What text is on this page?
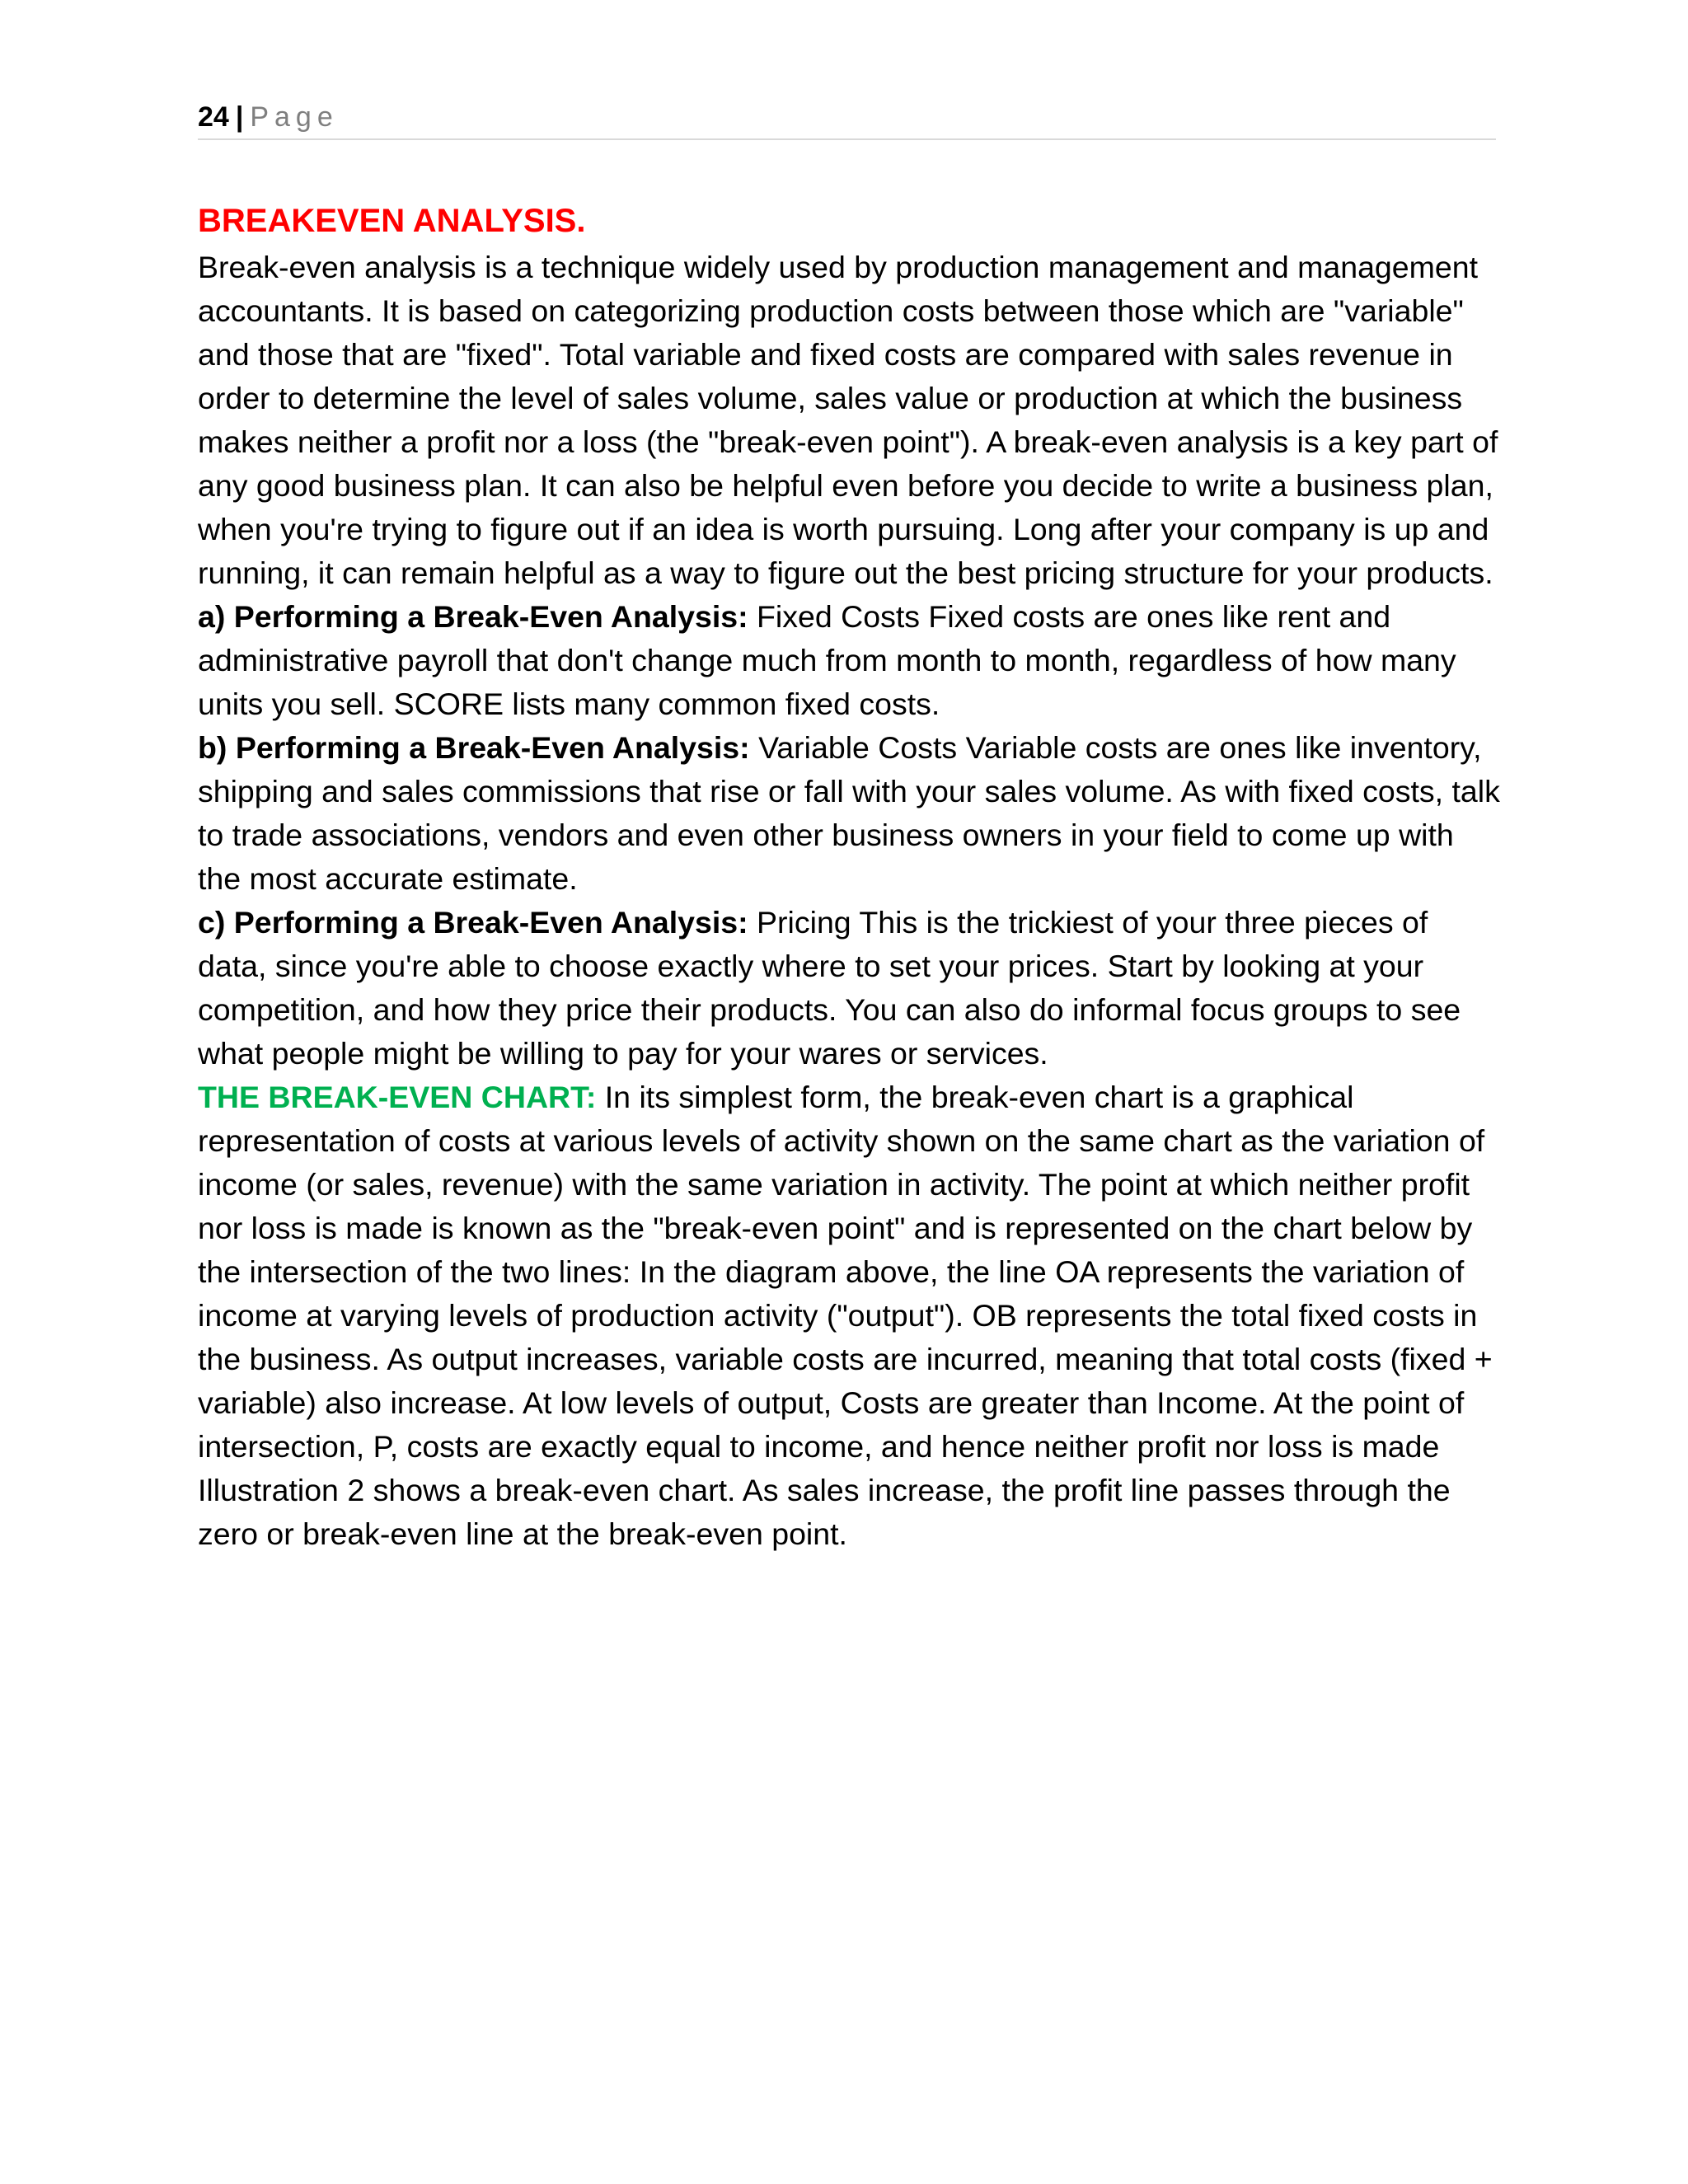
24 | Page
BREAKEVEN ANALYSIS.

Break-even analysis is a technique widely used by production management and management accountants. It is based on categorizing production costs between those which are "variable" and those that are "fixed". Total variable and fixed costs are compared with sales revenue in order to determine the level of sales volume, sales value or production at which the business makes neither a profit nor a loss (the "break-even point"). A break-even analysis is a key part of any good business plan. It can also be helpful even before you decide to write a business plan, when you're trying to figure out if an idea is worth pursuing. Long after your company is up and running, it can remain helpful as a way to figure out the best pricing structure for your products.

a) Performing a Break-Even Analysis: Fixed Costs Fixed costs are ones like rent and administrative payroll that don't change much from month to month, regardless of how many units you sell. SCORE lists many common fixed costs.

b) Performing a Break-Even Analysis: Variable Costs Variable costs are ones like inventory, shipping and sales commissions that rise or fall with your sales volume. As with fixed costs, talk to trade associations, vendors and even other business owners in your field to come up with the most accurate estimate.

c) Performing a Break-Even Analysis: Pricing This is the trickiest of your three pieces of data, since you're able to choose exactly where to set your prices. Start by looking at your competition, and how they price their products. You can also do informal focus groups to see what people might be willing to pay for your wares or services.

THE BREAK-EVEN CHART: In its simplest form, the break-even chart is a graphical representation of costs at various levels of activity shown on the same chart as the variation of income (or sales, revenue) with the same variation in activity. The point at which neither profit nor loss is made is known as the "break-even point" and is represented on the chart below by the intersection of the two lines: In the diagram above, the line OA represents the variation of income at varying levels of production activity ("output"). OB represents the total fixed costs in the business. As output increases, variable costs are incurred, meaning that total costs (fixed + variable) also increase. At low levels of output, Costs are greater than Income. At the point of intersection, P, costs are exactly equal to income, and hence neither profit nor loss is made Illustration 2 shows a break-even chart. As sales increase, the profit line passes through the zero or break-even line at the break-even point.
